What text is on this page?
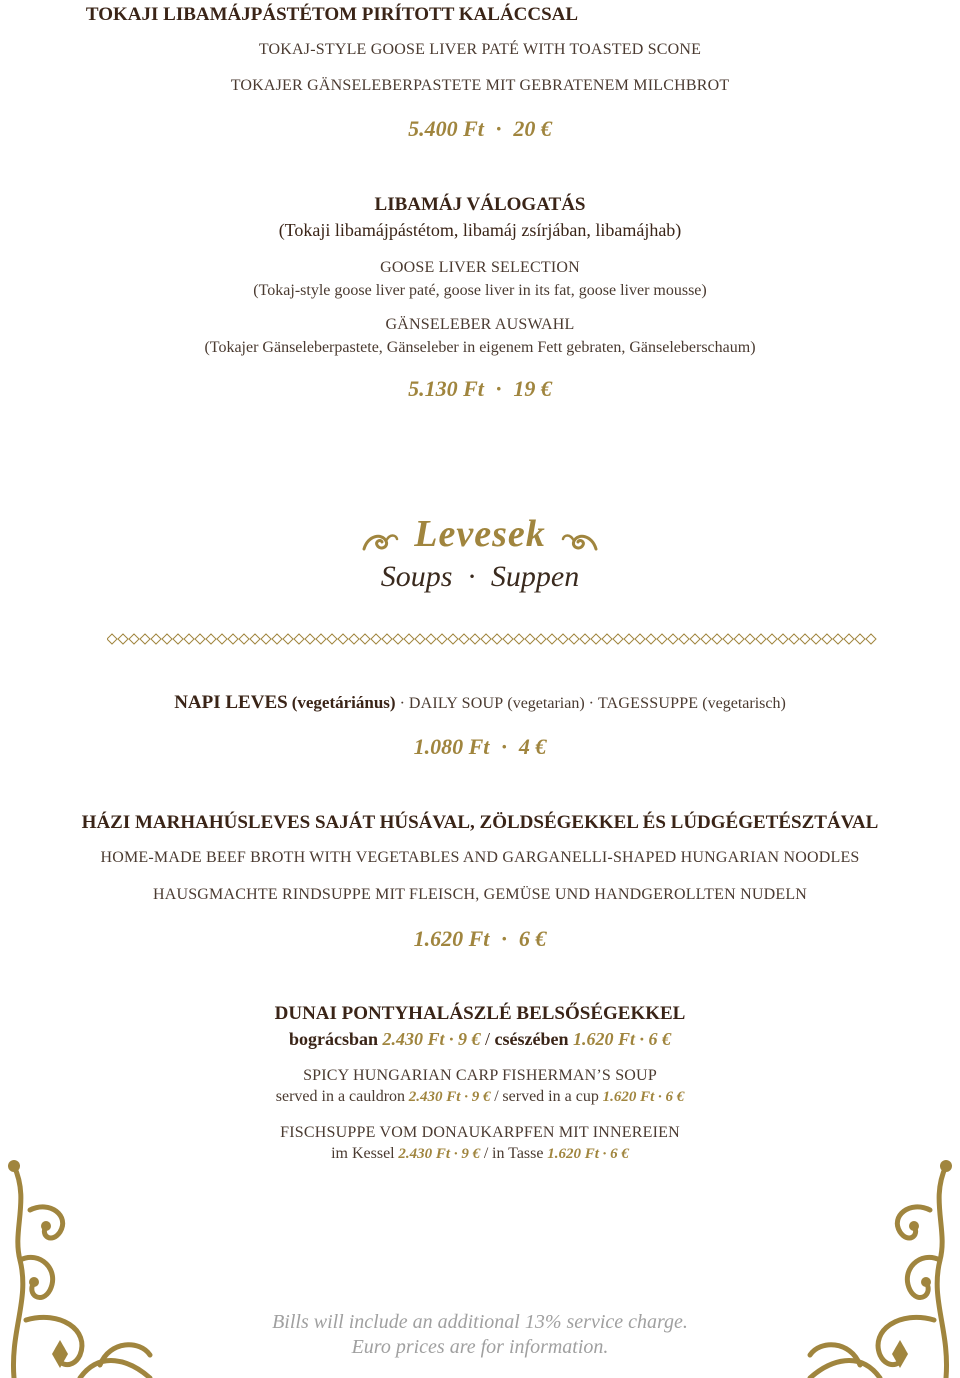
TOKAJI LIBAMÁJPÁSTÉTOM PIRÍTOTT KALÁCCSAL
TOKAJ-STYLE GOOSE LIVER PATÉ WITH TOASTED SCONE
TOKAJER GÄNSELEBERPASTETE MIT GEBRATENEM MILCHBROT
5.400 Ft · 20 €
LIBAMÁJ VÁLOGATÁS
(Tokaji libamájpástétom, libamáj zsírjában, libamájhab)
GOOSE LIVER SELECTION
(Tokaj-style goose liver paté, goose liver in its fat, goose liver mousse)
GÄNSELEBER AUSWAHL
(Tokajer Gänseleberpastete, Gänseleber in eigenem Fett gebraten, Gänseleberschaum)
5.130 Ft · 19 €
Levesek
Soups · Suppen
NAPI LEVES (vegetáriánus) · DAILY SOUP (vegetarian) · TAGESSUPPE (vegetarisch)
1.080 Ft · 4 €
HÁZI MARHAHÚSLEVES SAJÁT HÚSÁVAL, ZÖLDSÉGEKKEL ÉS LÚDGÉGETÉSZTÁVAL
HOME-MADE BEEF BROTH WITH VEGETABLES AND GARGANELLI-SHAPED HUNGARIAN NOODLES
HAUSGMACHTE RINDSUPPE MIT FLEISCH, GEMÜSE UND HANDGEROLLTEN NUDELN
1.620 Ft · 6 €
DUNAI PONTYHALÁSZLÉ BELSŐSÉGEKKEL
bográcsban 2.430 Ft · 9 € / csészében 1.620 Ft · 6 €
SPICY HUNGARIAN CARP FISHERMAN’S SOUP
served in a cauldron 2.430 Ft · 9 € / served in a cup 1.620 Ft · 6 €
FISCHSUPPE VOM DONAUKARPFEN MIT INNEREIEN
im Kessel 2.430 Ft · 9 € / in Tasse 1.620 Ft · 6 €
Bills will include an additional 13% service charge.
Euro prices are for information.
